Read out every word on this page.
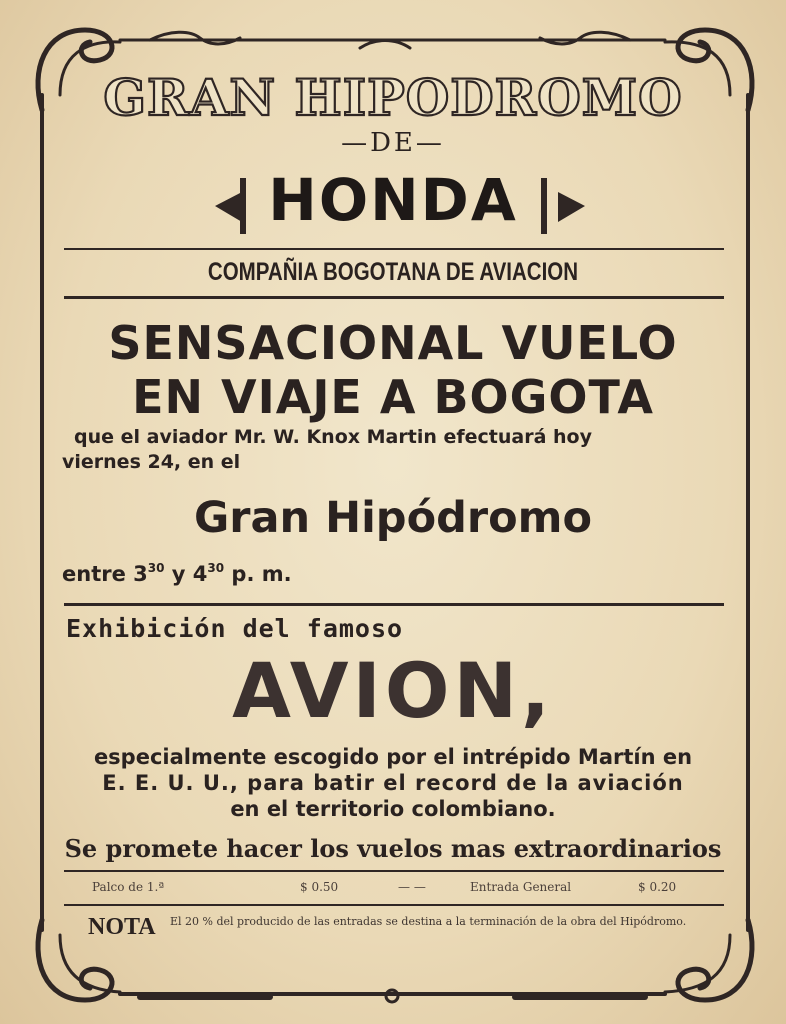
GRAN HIPODROMO
—DE—
HONDA
COMPAÑIA BOGOTANA DE AVIACION
SENSACIONAL VUELO
EN VIAJE A BOGOTA
que el aviador Mr. W. Knox Martin efectuará hoy
viernes 24, en el
Gran Hipódromo
entre $3^{30}$ y $4^{30}$ p. m.
Exhibición del famoso
AVION,
especialmente escogido por el intrépido Martín en
E. E. U. U., para batir el record de la aviación
en el territorio colombiano.
Se promete hacer los vuelos mas extraordinarios
Palco de 1.ª	$ 0.50	— —	Entrada General	$ 0.20
NOTA El 20 % del producido de las entradas se destina a la terminación de la obra del Hipódromo.
